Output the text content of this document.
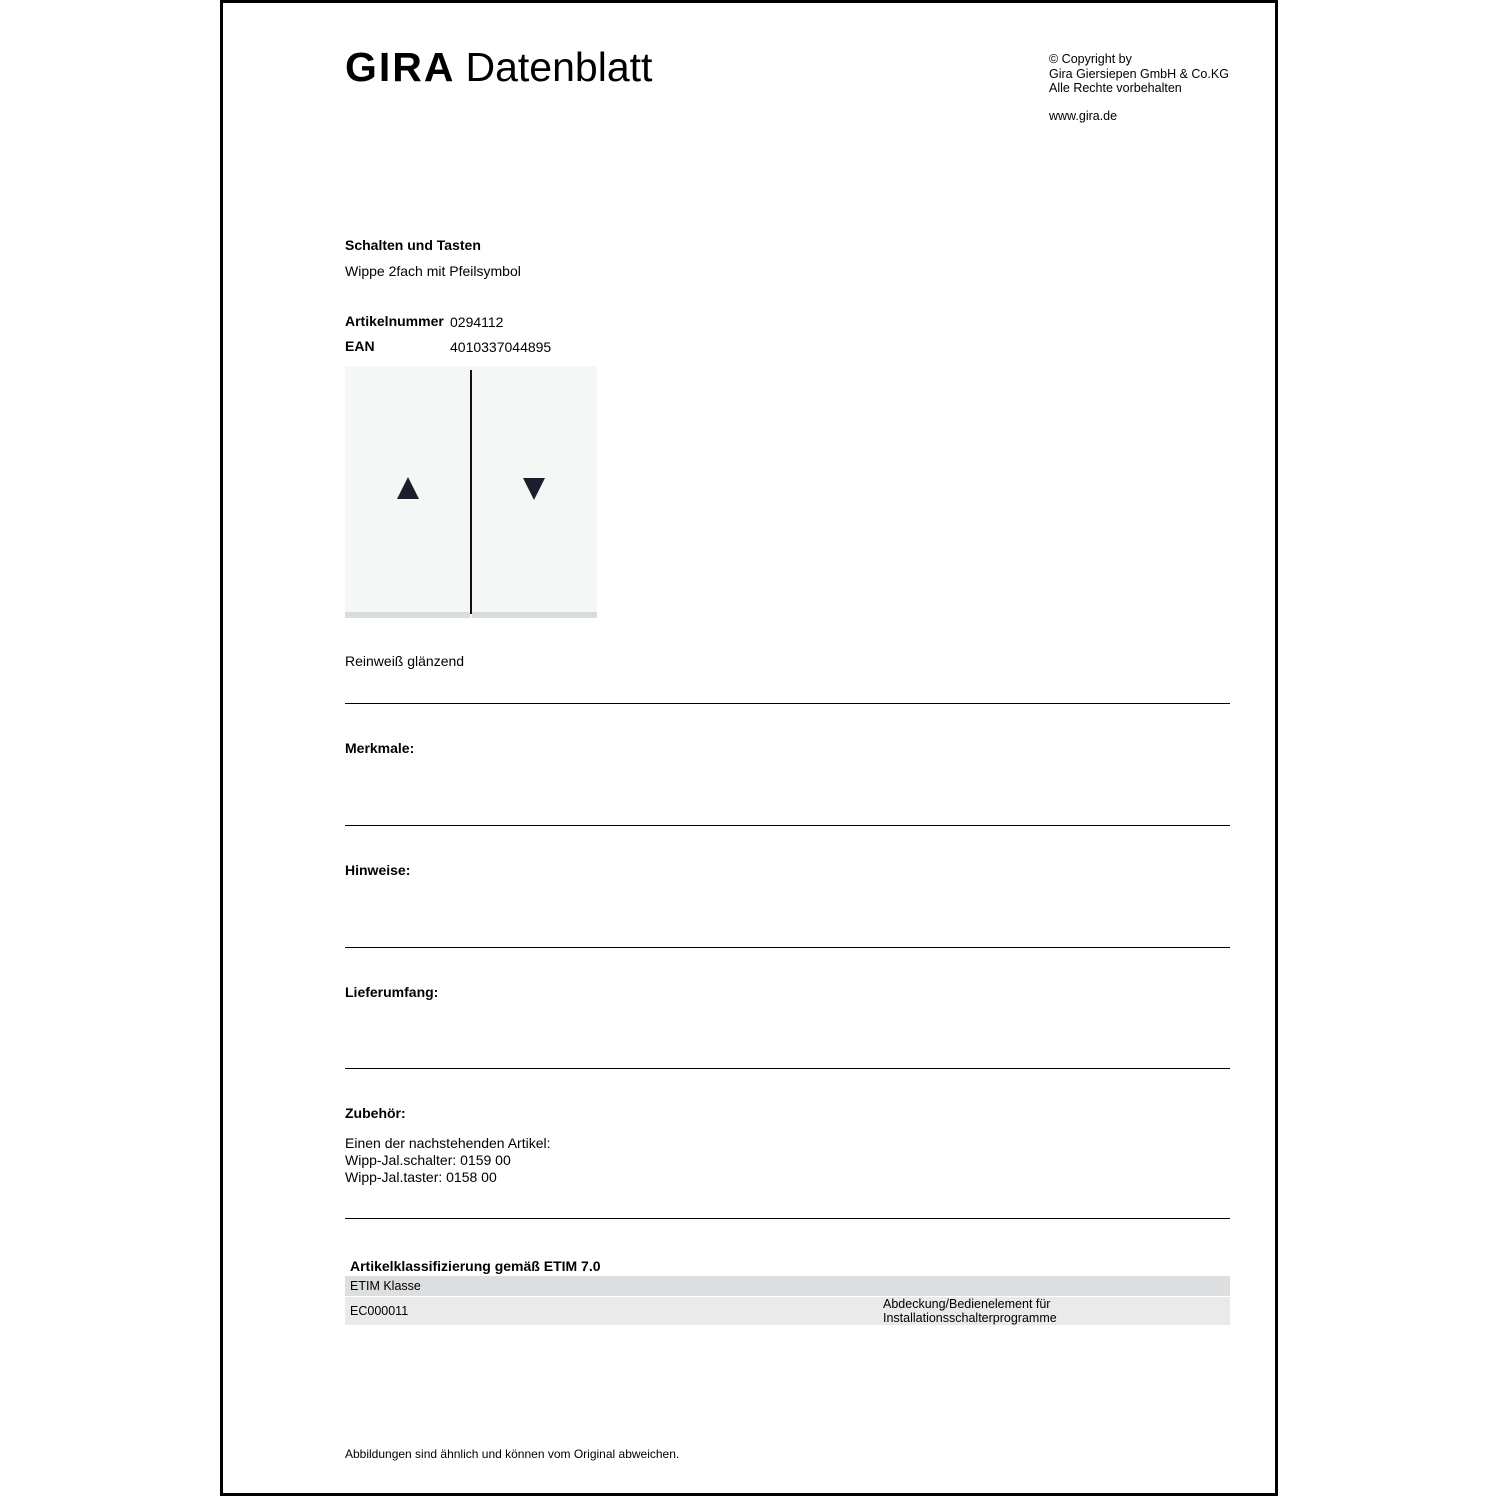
GIRA Datenblatt	© Copyright by
Gira Giersiepen GmbH & Co.KG
Alle Rechte vorbehalten
www.gira.de
Schalten und Tasten
Wippe 2fach mit Pfeilsymbol
Artikelnummer 0294112
EAN	4010337044895
Reinweiß glänzend
Merkmale:
Hinweise:
Lieferumfang:
Zubehör:
Einen der nachstehenden Artikel:
Wipp-Jal.schalter: 0159 00
Wipp-Jal.taster: 0158 00
Artikelklassifizierung gemäß ETIM 7.0
ETIM Klasse
EC000011	Abdeckung/Bedienelement für
Installationsschalterprogramme
Abbildungen sind ähnlich und können vom Original abweichen.
